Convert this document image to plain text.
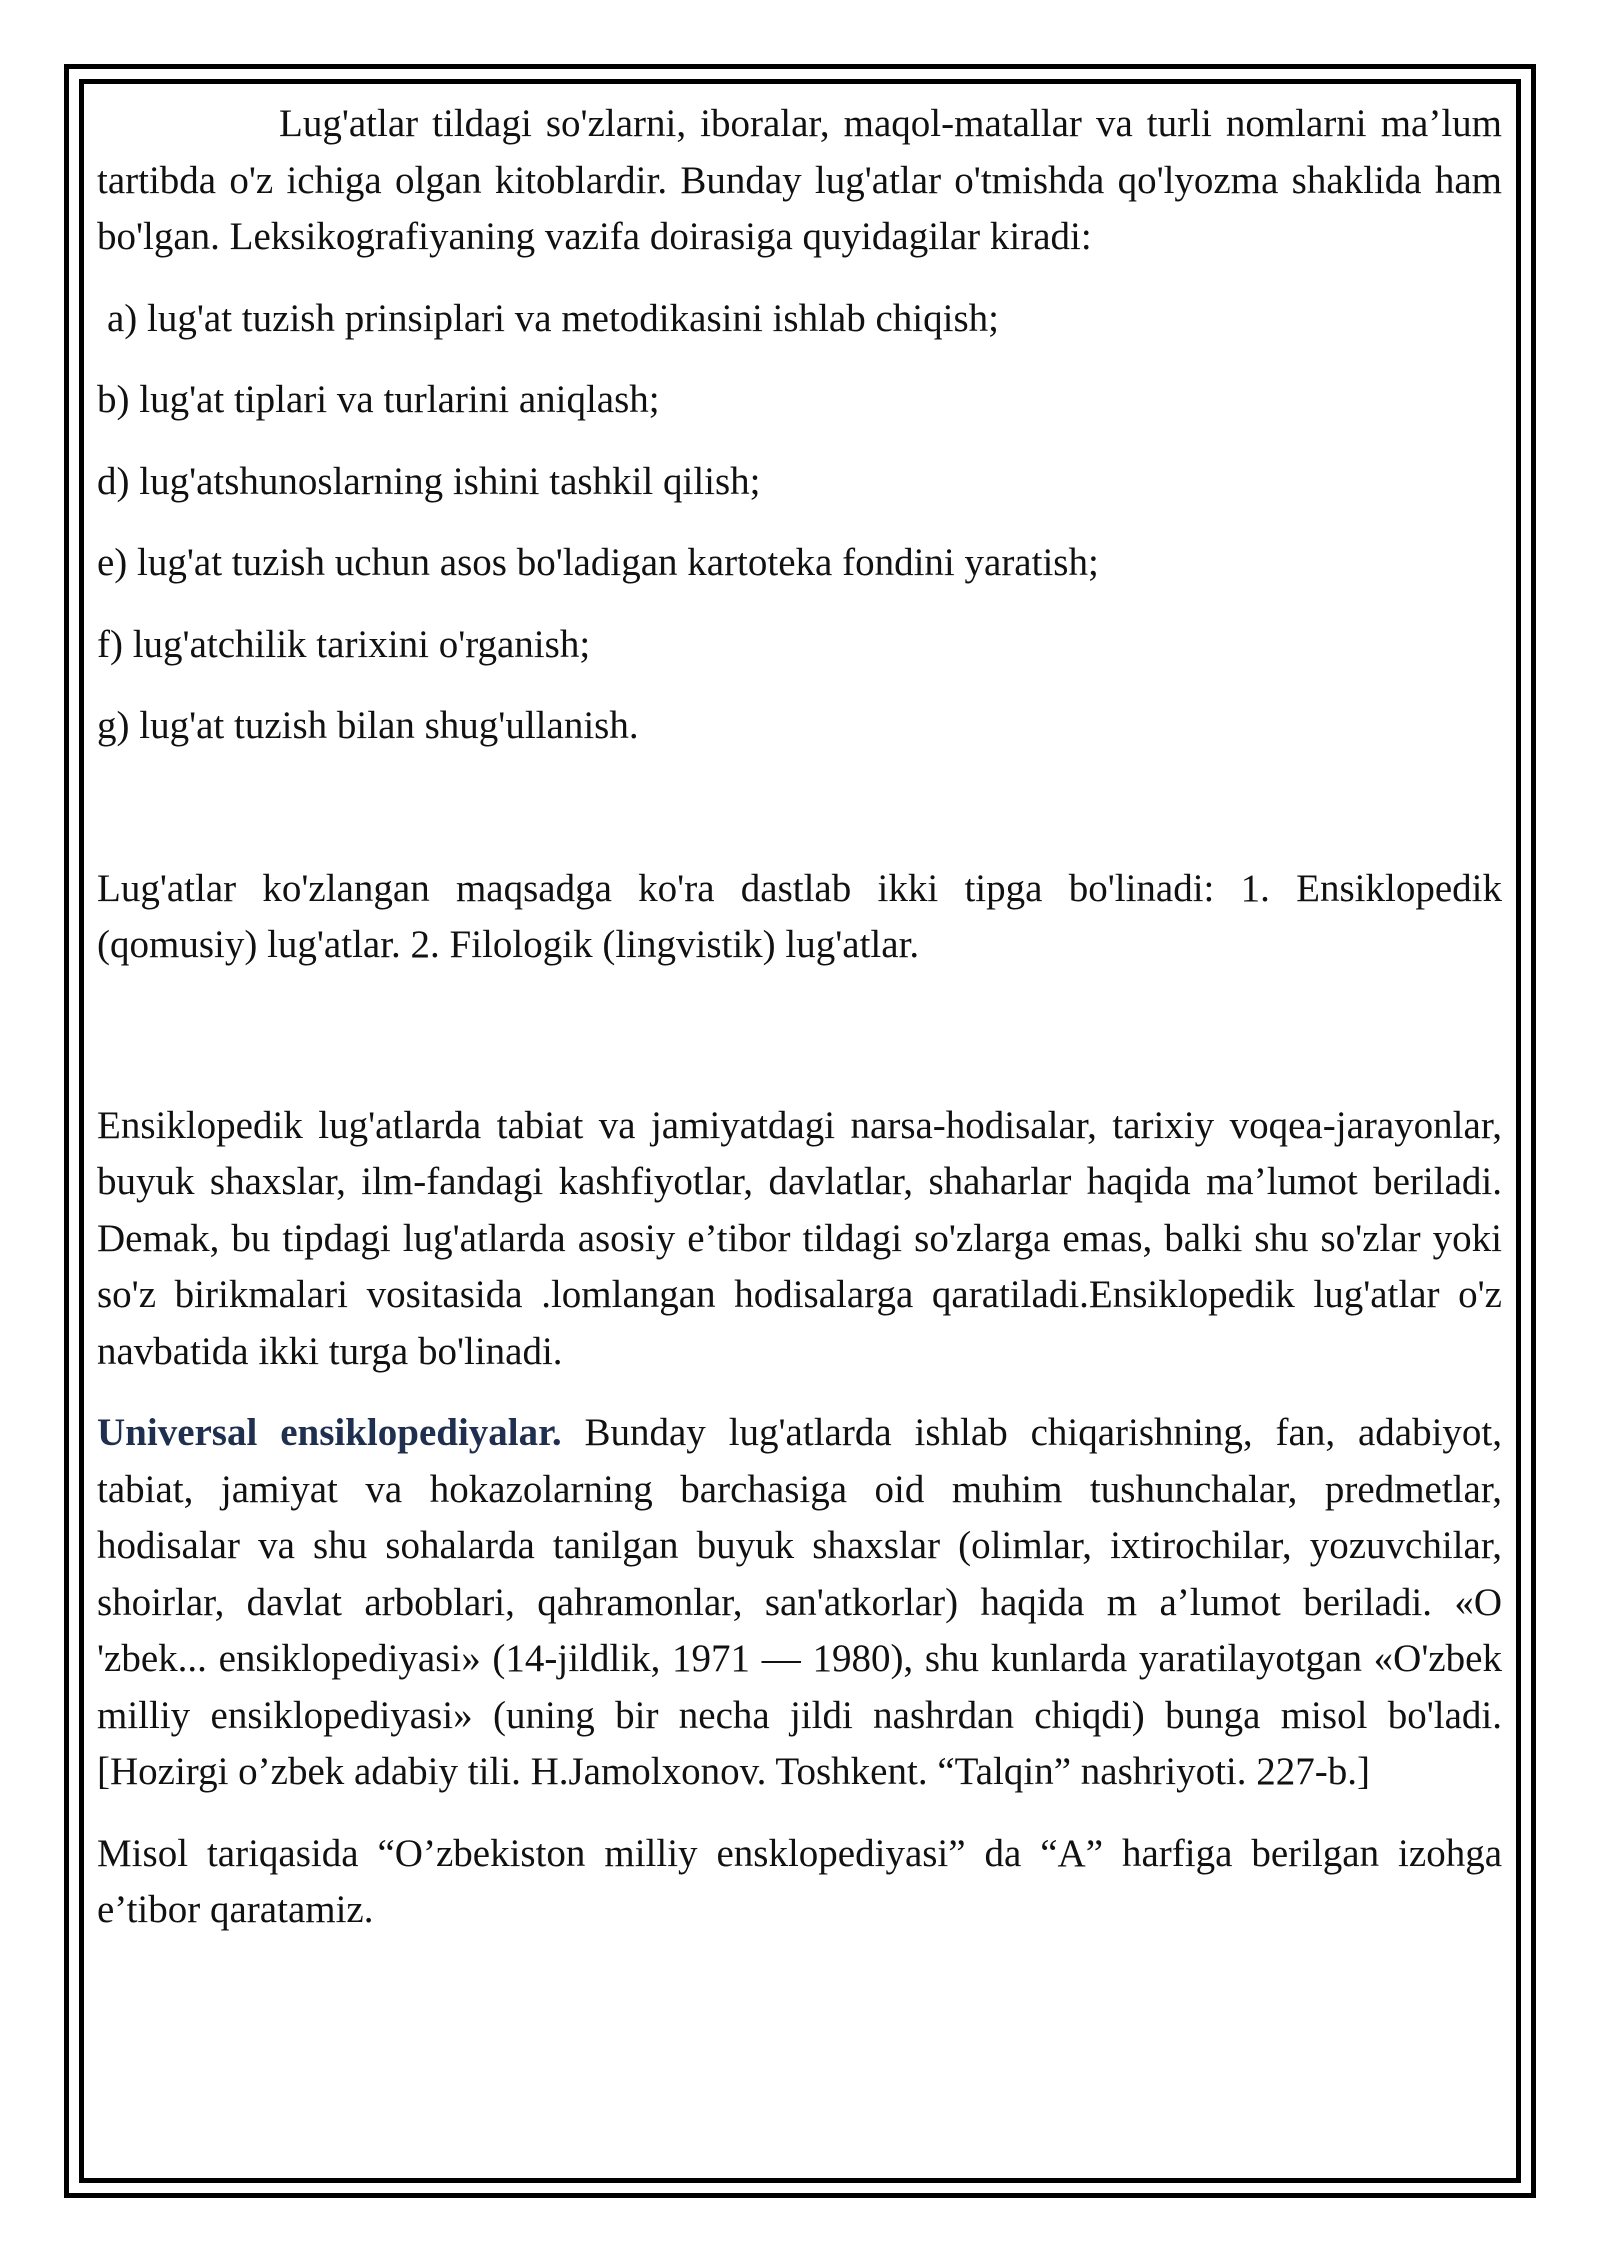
Lug'atlar tildagi so'zlarni, iboralar, maqol-matallar va turli nomlarni ma’lum tartibda o'z ichiga olgan kitoblardir. Bunday lug'atlar o'tmishda qo'lyozma shaklida ham bo'lgan. Leksikografiyaning vazifa doirasiga quyidagilar kiradi:

a) lug'at tuzish prinsiplari va metodikasini ishlab chiqish;

b) lug'at tiplari va turlarini aniqlash;

d) lug'atshunoslarning ishini tashkil qilish;

e) lug'at tuzish uchun asos bo'ladigan kartoteka fondini yaratish;

f) lug'atchilik tarixini o'rganish;

g) lug'at tuzish bilan shug'ullanish.

Lug'atlar ko'zlangan maqsadga ko'ra dastlab ikki tipga bo'linadi: 1. Ensiklopedik (qomusiy) lug'atlar. 2. Filologik (lingvistik) lug'atlar.

Ensiklopedik lug'atlarda tabiat va jamiyatdagi narsa-hodisalar, tarixiy voqea-jarayonlar, buyuk shaxslar, ilm-fandagi kashfiyotlar, davlatlar, shaharlar haqida ma’lumot beriladi. Demak, bu tipdagi lug'atlarda asosiy e’tibor tildagi so'zlarga emas, balki shu so'zlar yoki so'z birikmalari vositasida .lomlangan hodisalarga qaratiladi.Ensiklopedik lug'atlar o'z navbatida ikki turga bo'linadi.

Universal ensiklopediyalar. Bunday lug'atlarda ishlab chiqarishning, fan, adabiyot, tabiat, jamiyat va hokazolarning barchasiga oid muhim tushunchalar, predmetlar, hodisalar va shu sohalarda tanilgan buyuk shaxslar (olimlar, ixtirochilar, yozuvchilar, shoirlar, davlat arboblari, qahramonlar, san'atkorlar) haqida m a’lumot beriladi. «O 'zbek... ensiklopediyasi» (14-jildlik, 1971 — 1980), shu kunlarda yaratilayotgan «O'zbek milliy ensiklopediyasi» (uning bir necha jildi nashrdan chiqdi) bunga misol bo'ladi. [Hozirgi o’zbek adabiy tili. H.Jamolxonov. Toshkent. “Talqin” nashriyoti. 227-b.]

Misol tariqasida “O’zbekiston milliy ensklopediyasi” da “A” harfiga berilgan izohga e’tibor qaratamiz.
